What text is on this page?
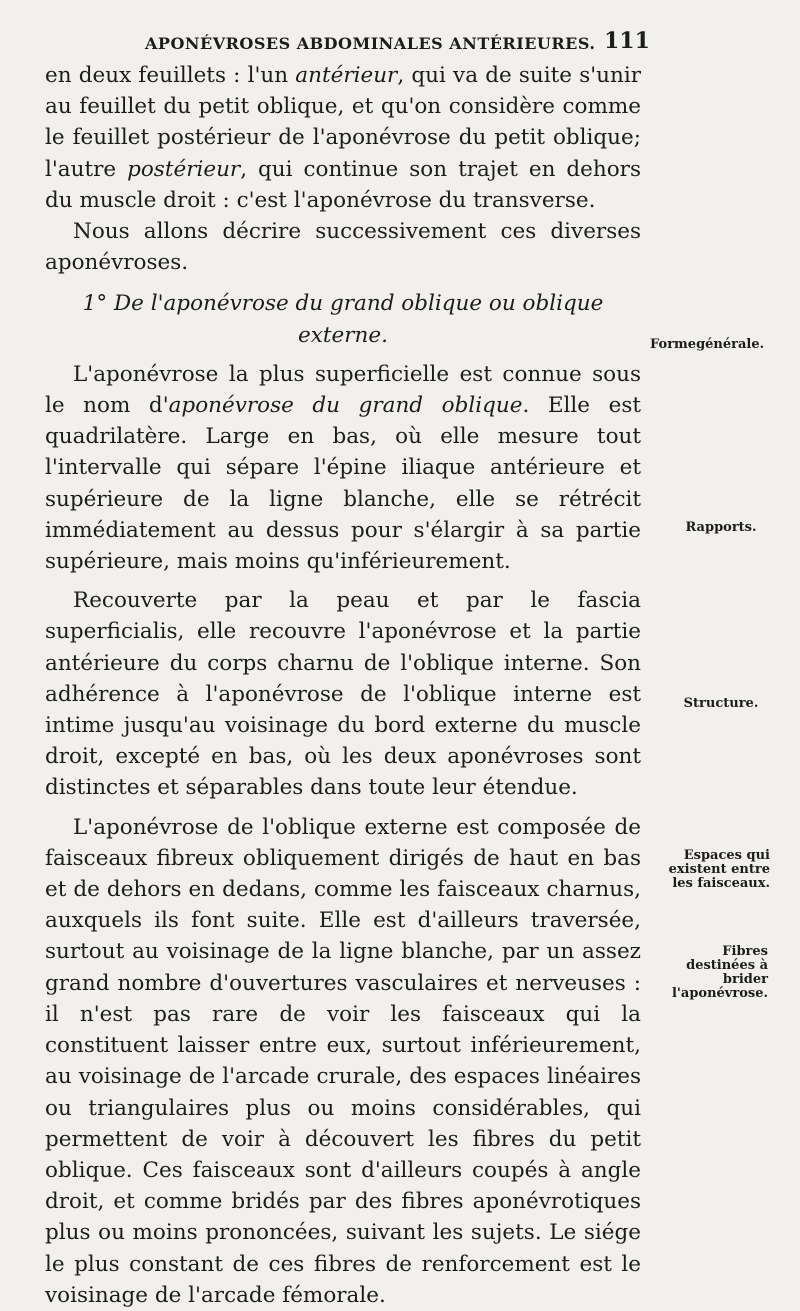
APONÉVROSES ABDOMINALES ANTÉRIEURES. 111

en deux feuillets : l'un antérieur, qui va de suite s'unir au feuillet du petit oblique, et qu'on considère comme le feuillet postérieur de l'aponévrose du petit oblique; l'autre postérieur, qui continue son trajet en dehors du muscle droit : c'est l'aponévrose du transverse.

Nous allons décrire successivement ces diverses aponévroses.

1° De l'aponévrose du grand oblique ou oblique externe.

L'aponévrose la plus superficielle est connue sous le nom d'aponévrose du grand oblique. Elle est quadrilatère. Large en bas, où elle mesure tout l'intervalle qui sépare l'épine iliaque antérieure et supérieure de la ligne blanche, elle se rétrécit immédiatement au dessus pour s'élargir à sa partie supérieure, mais moins qu'inférieurement.

Recouverte par la peau et par le fascia superficialis, elle recouvre l'aponévrose et la partie antérieure du corps charnu de l'oblique interne. Son adhérence à l'aponévrose de l'oblique interne est intime jusqu'au voisinage du bord externe du muscle droit, excepté en bas, où les deux aponévroses sont distinctes et séparables dans toute leur étendue.

L'aponévrose de l'oblique externe est composée de faisceaux fibreux obliquement dirigés de haut en bas et de dehors en dedans, comme les faisceaux charnus, auxquels ils font suite. Elle est d'ailleurs traversée, surtout au voisinage de la ligne blanche, par un assez grand nombre d'ouvertures vasculaires et nerveuses : il n'est pas rare de voir les faisceaux qui la constituent laisser entre eux, surtout inférieurement, au voisinage de l'arcade crurale, des espaces linéaires ou triangulaires plus ou moins considérables, qui permettent de voir à découvert les fibres du petit oblique. Ces faisceaux sont d'ailleurs coupés à angle droit, et comme bridés par des fibres aponévrotiques plus ou moins prononcées, suivant les sujets. Le siége le plus constant de ces fibres de renforcement est le voisinage de l'arcade fémorale.

Formegénérale.
Rapports.
Structure.
Espaces qui existent entre les faisceaux.
Fibres destinées à brider l'aponévrose.
